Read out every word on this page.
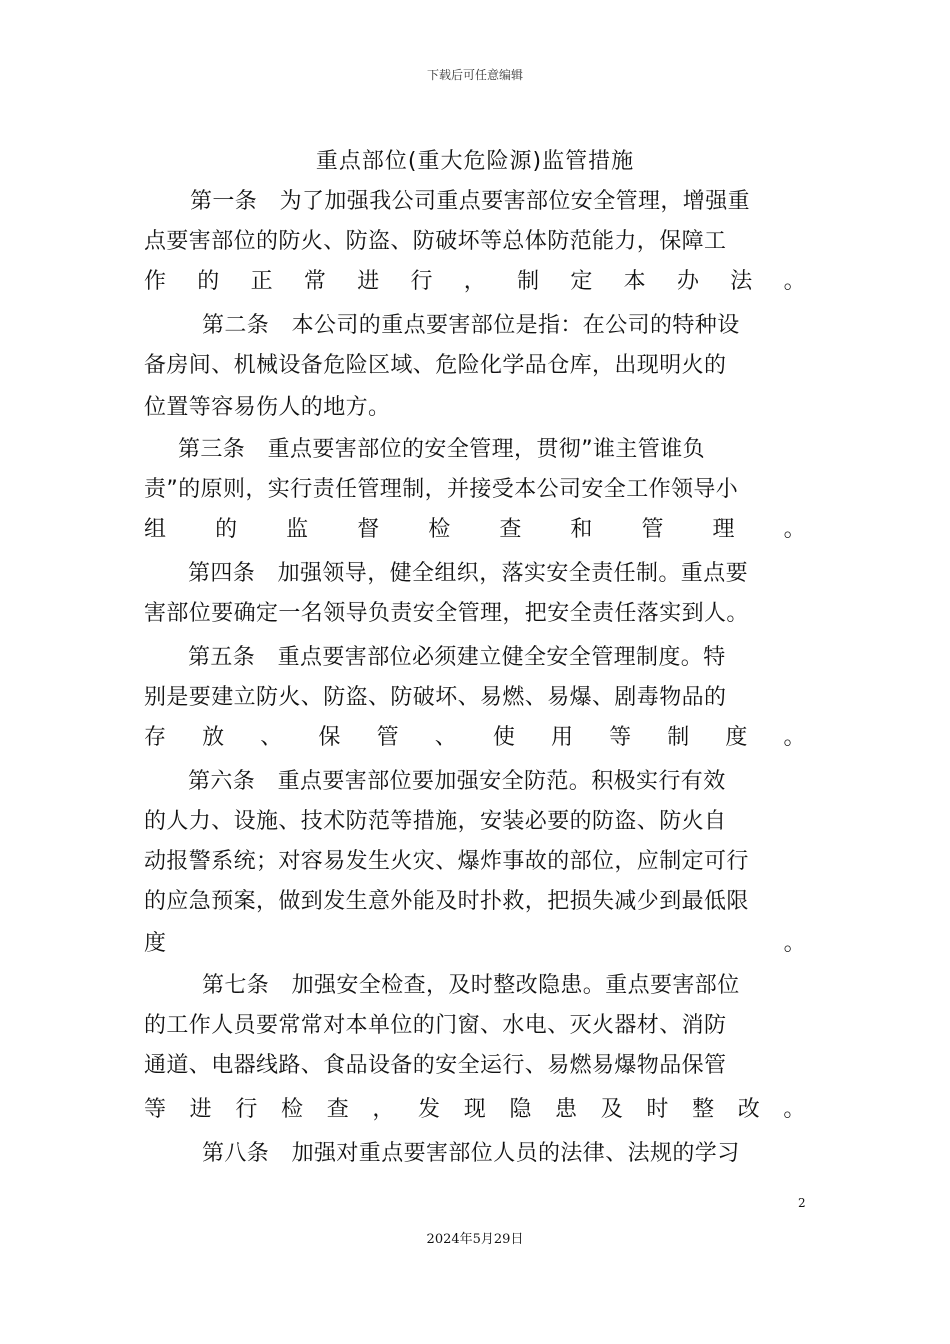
下载后可任意编辑
重点部位(重大危险源)监管措施
第一条　为了加强我公司重点要害部位安全管理，增强重
点要害部位的防火、防盗、防破坏等总体防范能力，保障工
作 的 正 常 进 行 ， 制 定 本 办 法 。
第二条　本公司的重点要害部位是指：在公司的特种设
备房间、机械设备危险区域、危险化学品仓库，出现明火的
位置等容易伤人的地方。
第三条　重点要害部位的安全管理，贯彻”谁主管谁负
责”的原则，实行责任管理制，并接受本公司安全工作领导小
组 的 监 督 检 查 和 管 理 。
第四条　加强领导，健全组织，落实安全责任制。重点要
害部位要确定一名领导负责安全管理，把安全责任落实到人。
第五条　重点要害部位必须建立健全安全管理制度。特
别是要建立防火、防盗、防破坏、易燃、易爆、剧毒物品的
存 放 、 保 管 、 使 用 等 制 度 。
第六条　重点要害部位要加强安全防范。积极实行有效
的人力、设施、技术防范等措施，安装必要的防盗、防火自
动报警系统；对容易发生火灾、爆炸事故的部位，应制定可行
的应急预案，做到发生意外能及时扑救，把损失减少到最低限
度	。
第七条　加强安全检查，及时整改隐患。重点要害部位
的工作人员要常常对本单位的门窗、水电、灭火器材、消防
通道、电器线路、食品设备的安全运行、易燃易爆物品保管
等 进 行 检 查 ， 发 现 隐 患 及 时 整 改 。
第八条　加强对重点要害部位人员的法律、法规的学习
2
2024年5月29日
